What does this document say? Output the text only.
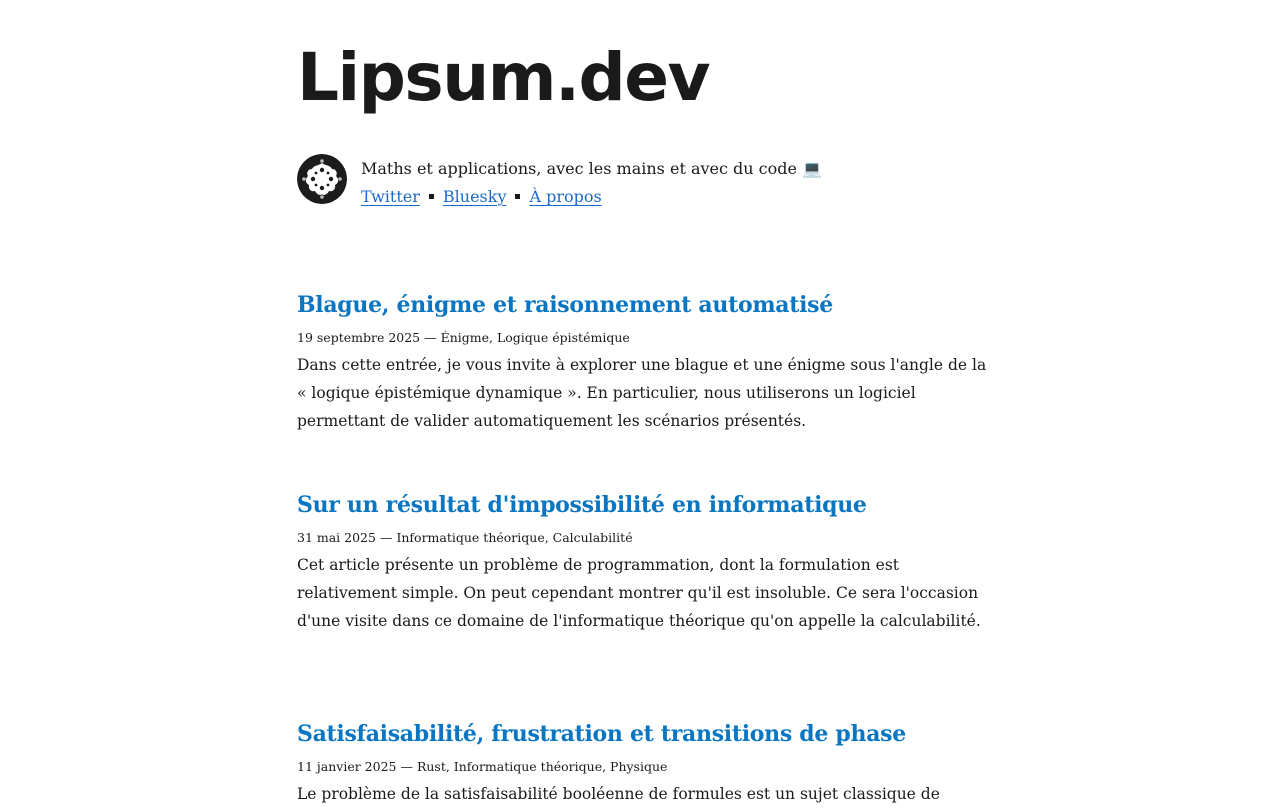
Lipsum.dev
Maths et applications, avec les mains et avec du code 💻
Twitter Bluesky À propos
Blague, énigme et raisonnement automatisé
19 septembre 2025 — Énigme, Logique épistémique
Dans cette entrée, je vous invite à explorer une blague et une énigme sous l'angle de la « logique épistémique dynamique ». En particulier, nous utiliserons un logiciel permettant de valider automatiquement les scénarios présentés.
Sur un résultat d'impossibilité en informatique
31 mai 2025 — Informatique théorique, Calculabilité
Cet article présente un problème de programmation, dont la formulation est relativement simple. On peut cependant montrer qu'il est insoluble. Ce sera l'occasion d'une visite dans ce domaine de l'informatique théorique qu'on appelle la calculabilité.
Satisfaisabilité, frustration et transitions de phase
11 janvier 2025 — Rust, Informatique théorique, Physique
Le problème de la satisfaisabilité booléenne de formules est un sujet classique de
